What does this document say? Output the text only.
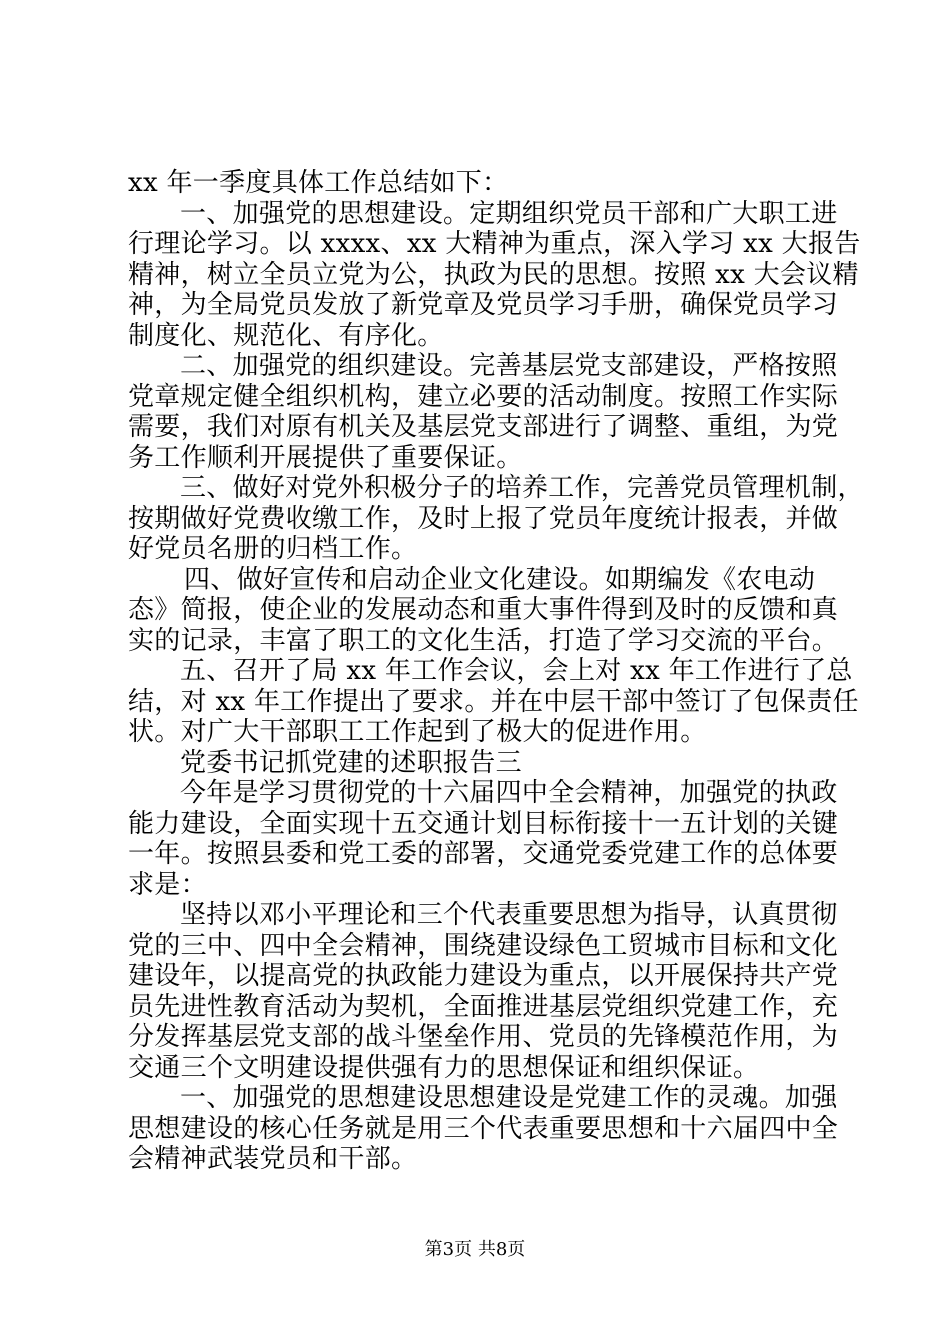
xx 年一季度具体工作总结如下：
一、加强党的思想建设。定期组织党员干部和广大职工进
行理论学习。以 xxxx、xx 大精神为重点，深入学习 xx 大报告
精神，树立全员立党为公，执政为民的思想。按照 xx 大会议精
神，为全局党员发放了新党章及党员学习手册，确保党员学习
制度化、规范化、有序化。
二、加强党的组织建设。完善基层党支部建设，严格按照
党章规定健全组织机构，建立必要的活动制度。按照工作实际
需要，我们对原有机关及基层党支部进行了调整、重组，为党
务工作顺利开展提供了重要保证。
三、做好对党外积极分子的培养工作，完善党员管理机制，
按期做好党费收缴工作，及时上报了党员年度统计报表，并做
好党员名册的归档工作。
四、做好宣传和启动企业文化建设。如期编发《农电动
态》简报，使企业的发展动态和重大事件得到及时的反馈和真
实的记录，丰富了职工的文化生活，打造了学习交流的平台。
五、召开了局 xx 年工作会议，会上对 xx 年工作进行了总
结，对 xx 年工作提出了要求。并在中层干部中签订了包保责任
状。对广大干部职工工作起到了极大的促进作用。
党委书记抓党建的述职报告三
今年是学习贯彻党的十六届四中全会精神，加强党的执政
能力建设，全面实现十五交通计划目标衔接十一五计划的关键
一年。按照县委和党工委的部署，交通党委党建工作的总体要
求是：
坚持以邓小平理论和三个代表重要思想为指导，认真贯彻
党的三中、四中全会精神，围绕建设绿色工贸城市目标和文化
建设年，以提高党的执政能力建设为重点，以开展保持共产党
员先进性教育活动为契机，全面推进基层党组织党建工作，充
分发挥基层党支部的战斗堡垒作用、党员的先锋模范作用，为
交通三个文明建设提供强有力的思想保证和组织保证。
一、加强党的思想建设思想建设是党建工作的灵魂。加强
思想建设的核心任务就是用三个代表重要思想和十六届四中全
会精神武装党员和干部。
第3页 共8页
